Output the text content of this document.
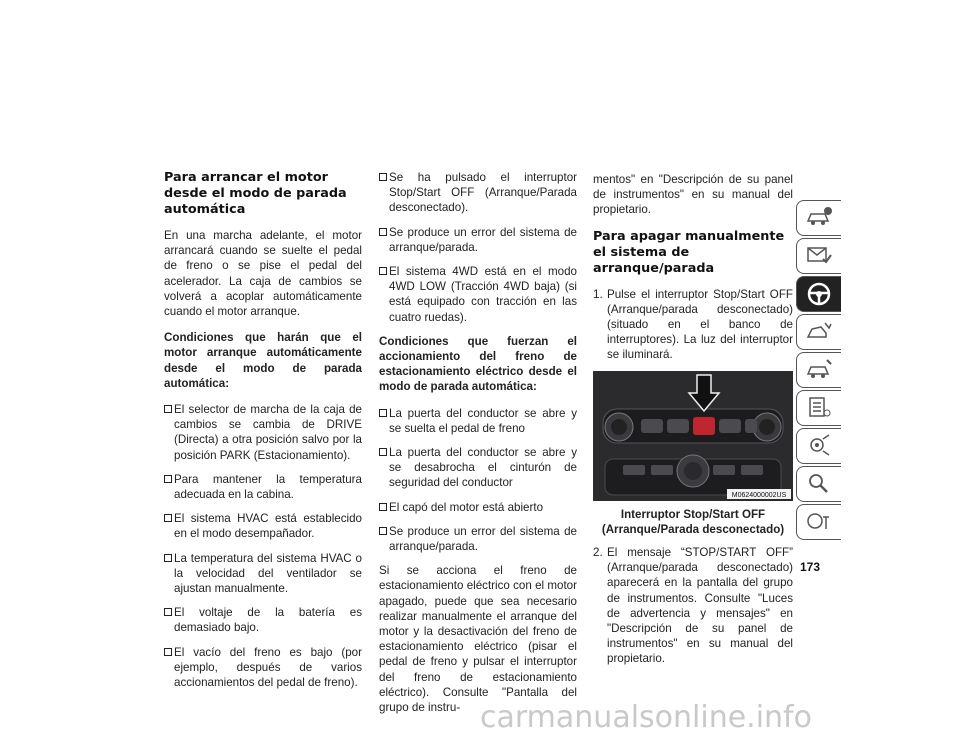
Para arrancar el motor desde el modo de parada automática

En una marcha adelante, el motor arrancará cuando se suelte el pedal de freno o se pise el pedal del acelerador. La caja de cambios se volverá a acoplar automáticamente cuando el motor arranque.

Condiciones que harán que el motor arranque automáticamente desde el modo de parada automática:

El selector de marcha de la caja de cambios se cambia de DRIVE (Directa) a otra posición salvo por la posición PARK (Estacionamiento).
Para mantener la temperatura adecuada en la cabina.
El sistema HVAC está establecido en el modo desempañador.
La temperatura del sistema HVAC o la velocidad del ventilador se ajustan manualmente.
El voltaje de la batería es demasiado bajo.
El vacío del freno es bajo (por ejemplo, después de varios accionamientos del pedal de freno).
Se ha pulsado el interruptor Stop/Start OFF (Arranque/Parada desconectado).
Se produce un error del sistema de arranque/parada.
El sistema 4WD está en el modo 4WD LOW (Tracción 4WD baja) (si está equipado con tracción en las cuatro ruedas).

Condiciones que fuerzan el accionamiento del freno de estacionamiento eléctrico desde el modo de parada automática:

La puerta del conductor se abre y se suelta el pedal de freno
La puerta del conductor se abre y se desabrocha el cinturón de seguridad del conductor
El capó del motor está abierto
Se produce un error del sistema de arranque/parada.

Si se acciona el freno de estacionamiento eléctrico con el motor apagado, puede que sea necesario realizar manualmente el arranque del motor y la desactivación del freno de estacionamiento eléctrico (pisar el pedal de freno y pulsar el interruptor del freno de estacionamiento eléctrico). Consulte "Pantalla del grupo de instru-

mentos" en "Descripción de su panel de instrumentos" en su manual del propietario.

Para apagar manualmente el sistema de arranque/parada
1. Pulse el interruptor Stop/Start OFF (Arranque/parada desconectado) (situado en el banco de interruptores). La luz del interruptor se iluminará.
M0624000002US
Interruptor Stop/Start OFF (Arranque/Parada desconectado)
2. El mensaje “STOP/START OFF” (Arranque/parada desconectado) aparecerá en la pantalla del grupo de instrumentos. Consulte "Luces de advertencia y mensajes" en "Descripción de su panel de instrumentos" en su manual del propietario.
173
carmanualsonline.info
